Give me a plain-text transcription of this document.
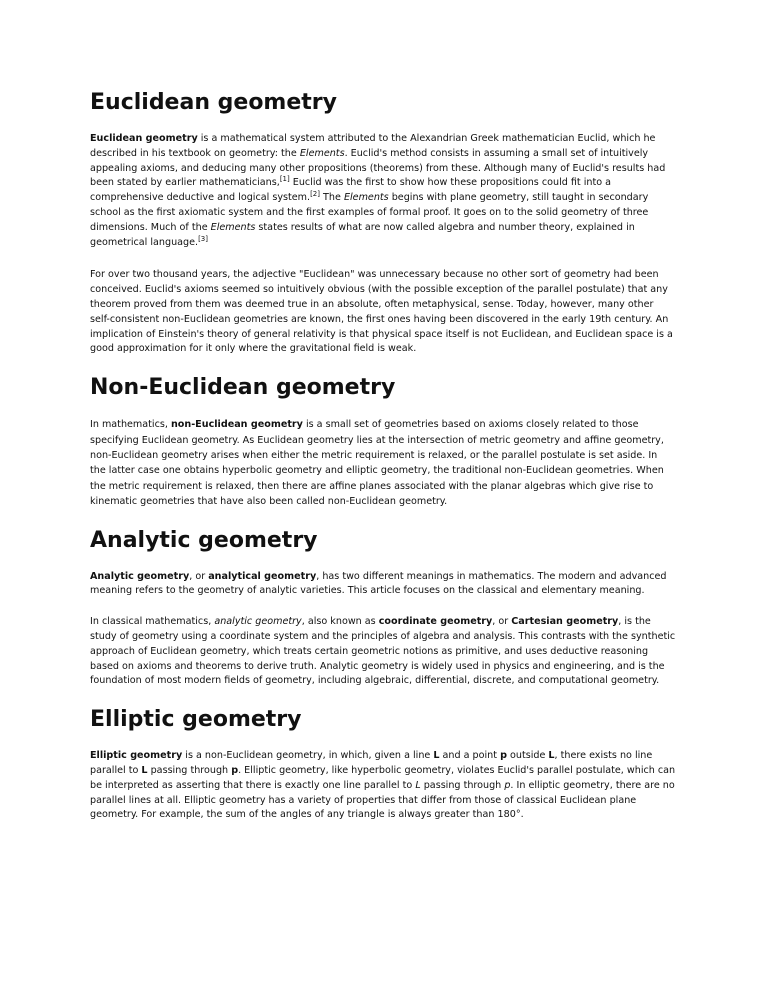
Euclidean geometry

Euclidean geometry is a mathematical system attributed to the Alexandrian Greek mathematician Euclid, which he described in his textbook on geometry: the Elements. Euclid's method consists in assuming a small set of intuitively appealing axioms, and deducing many other propositions (theorems) from these. Although many of Euclid's results had been stated by earlier mathematicians,[1] Euclid was the first to show how these propositions could fit into a comprehensive deductive and logical system.[2] The Elements begins with plane geometry, still taught in secondary school as the first axiomatic system and the first examples of formal proof. It goes on to the solid geometry of three dimensions. Much of the Elements states results of what are now called algebra and number theory, explained in geometrical language.[3]

For over two thousand years, the adjective "Euclidean" was unnecessary because no other sort of geometry had been conceived. Euclid's axioms seemed so intuitively obvious (with the possible exception of the parallel postulate) that any theorem proved from them was deemed true in an absolute, often metaphysical, sense. Today, however, many other self-consistent non-Euclidean geometries are known, the first ones having been discovered in the early 19th century. An implication of Einstein's theory of general relativity is that physical space itself is not Euclidean, and Euclidean space is a good approximation for it only where the gravitational field is weak.

Non-Euclidean geometry

In mathematics, non-Euclidean geometry is a small set of geometries based on axioms closely related to those specifying Euclidean geometry. As Euclidean geometry lies at the intersection of metric geometry and affine geometry, non-Euclidean geometry arises when either the metric requirement is relaxed, or the parallel postulate is set aside. In the latter case one obtains hyperbolic geometry and elliptic geometry, the traditional non-Euclidean geometries. When the metric requirement is relaxed, then there are affine planes associated with the planar algebras which give rise to kinematic geometries that have also been called non-Euclidean geometry.

Analytic geometry

Analytic geometry, or analytical geometry, has two different meanings in mathematics. The modern and advanced meaning refers to the geometry of analytic varieties. This article focuses on the classical and elementary meaning.

In classical mathematics, analytic geometry, also known as coordinate geometry, or Cartesian geometry, is the study of geometry using a coordinate system and the principles of algebra and analysis. This contrasts with the synthetic approach of Euclidean geometry, which treats certain geometric notions as primitive, and uses deductive reasoning based on axioms and theorems to derive truth. Analytic geometry is widely used in physics and engineering, and is the foundation of most modern fields of geometry, including algebraic, differential, discrete, and computational geometry.

Elliptic geometry

Elliptic geometry is a non-Euclidean geometry, in which, given a line L and a point p outside L, there exists no line parallel to L passing through p. Elliptic geometry, like hyperbolic geometry, violates Euclid's parallel postulate, which can be interpreted as asserting that there is exactly one line parallel to L passing through p. In elliptic geometry, there are no parallel lines at all. Elliptic geometry has a variety of properties that differ from those of classical Euclidean plane geometry. For example, the sum of the angles of any triangle is always greater than 180°.
